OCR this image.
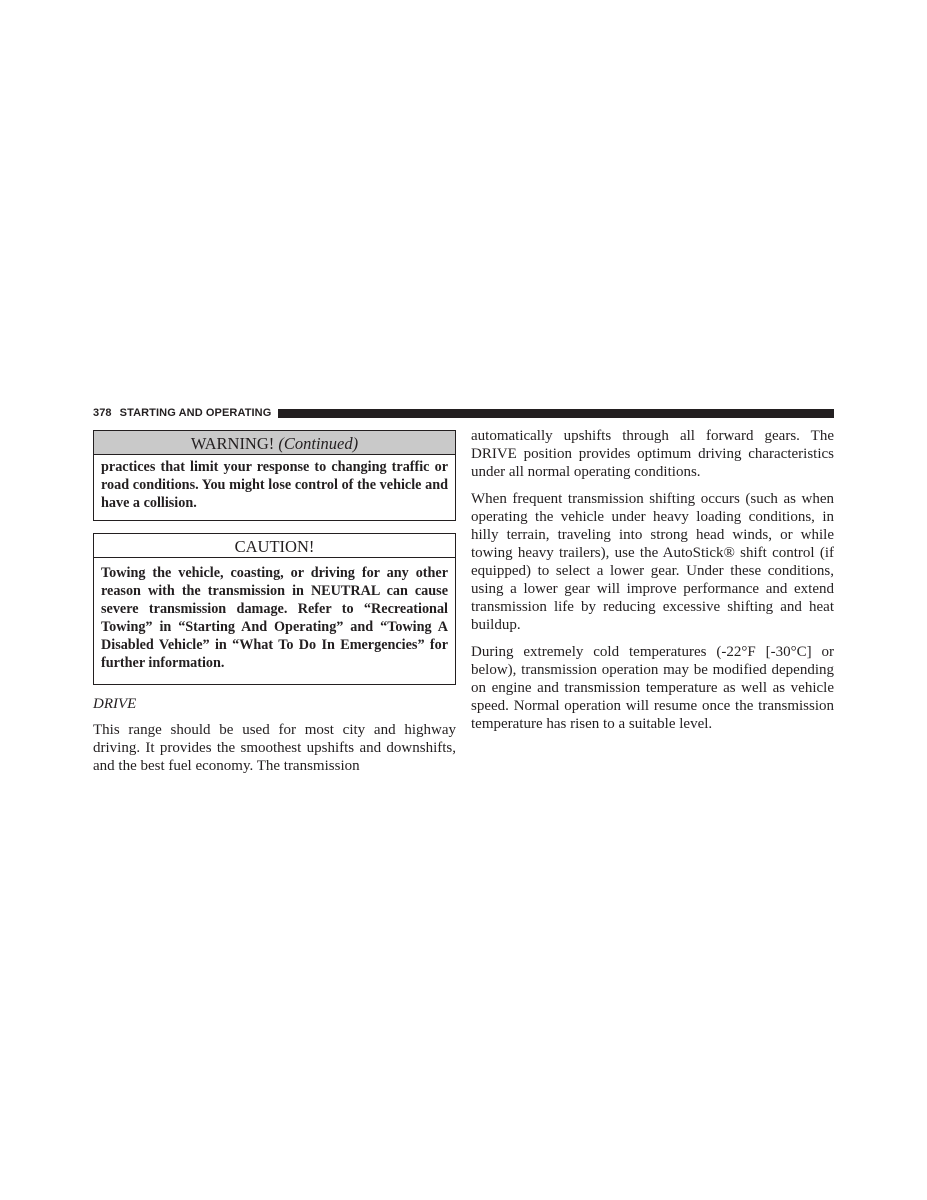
378 STARTING AND OPERATING
WARNING! (Continued)
practices that limit your response to changing traffic or road conditions. You might lose control of the vehicle and have a collision.
CAUTION!
Towing the vehicle, coasting, or driving for any other reason with the transmission in NEUTRAL can cause severe transmission damage. Refer to “Recreational Towing” in “Starting And Operating” and “Towing A Disabled Vehicle” in “What To Do In Emergencies” for further information.
DRIVE

This range should be used for most city and highway driving. It provides the smoothest upshifts and downshifts, and the best fuel economy. The transmission

automatically upshifts through all forward gears. The DRIVE position provides optimum driving characteristics under all normal operating conditions.

When frequent transmission shifting occurs (such as when operating the vehicle under heavy loading conditions, in hilly terrain, traveling into strong head winds, or while towing heavy trailers), use the AutoStick® shift control (if equipped) to select a lower gear. Under these conditions, using a lower gear will improve performance and extend transmission life by reducing excessive shifting and heat buildup.

During extremely cold temperatures (-22°F [-30°C] or below), transmission operation may be modified depending on engine and transmission temperature as well as vehicle speed. Normal operation will resume once the transmission temperature has risen to a suitable level.
